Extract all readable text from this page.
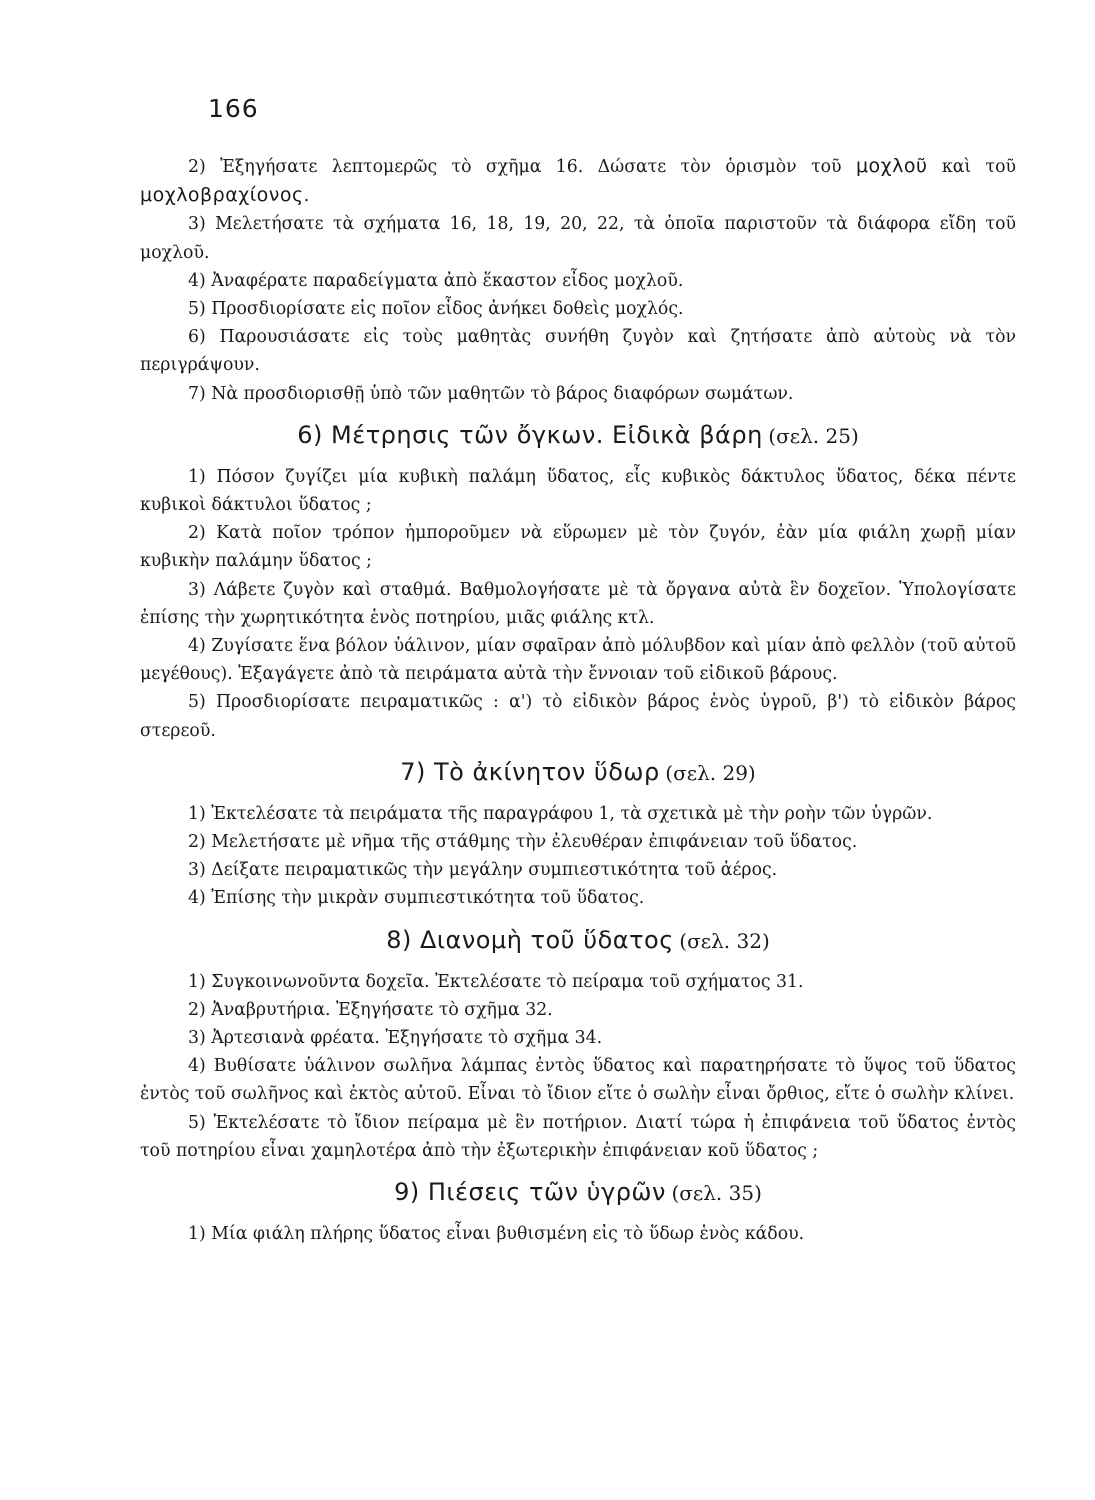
166

2) Ἐξηγήσατε λεπτομερῶς τὸ σχῆμα 16. Δώσατε τὸν ὁρισμὸν τοῦ μοχλοῦ καὶ τοῦ μοχλοβραχίονος.

3) Μελετήσατε τὰ σχήματα 16, 18, 19, 20, 22, τὰ ὁποῖα παριστοῦν τὰ διάφορα εἴδη τοῦ μοχλοῦ.

4) Ἀναφέρατε παραδείγματα ἀπὸ ἕκαστον εἶδος μοχλοῦ.

5) Προσδιορίσατε εἰς ποῖον εἶδος ἀνήκει δοθεὶς μοχλός.

6) Παρουσιάσατε εἰς τοὺς μαθητὰς συνήθη ζυγὸν καὶ ζητήσατε ἀπὸ αὐτοὺς νὰ τὸν περιγράψουν.

7) Νὰ προσδιορισθῇ ὑπὸ τῶν μαθητῶν τὸ βάρος διαφόρων σωμάτων.

6) Μέτρησις τῶν ὄγκων. Εἰδικὰ βάρη (σελ. 25)

1) Πόσον ζυγίζει μία κυβικὴ παλάμη ὕδατος, εἷς κυβικὸς δάκτυλος ὕδατος, δέκα πέντε κυβικοὶ δάκτυλοι ὕδατος ;

2) Κατὰ ποῖον τρόπον ἠμποροῦμεν νὰ εὕρωμεν μὲ τὸν ζυγόν, ἐὰν μία φιάλη χωρῇ μίαν κυβικὴν παλάμην ὕδατος ;

3) Λάβετε ζυγὸν καὶ σταθμά. Βαθμολογήσατε μὲ τὰ ὄργανα αὐτὰ ἓν δοχεῖον. Ὑπολογίσατε ἐπίσης τὴν χωρητικότητα ἑνὸς ποτηρίου, μιᾶς φιάλης κτλ.

4) Ζυγίσατε ἕνα βόλον ὑάλινον, μίαν σφαῖραν ἀπὸ μόλυβδον καὶ μίαν ἀπὸ φελλὸν (τοῦ αὐτοῦ μεγέθους). Ἐξαγάγετε ἀπὸ τὰ πειράματα αὐτὰ τὴν ἔννοιαν τοῦ εἰδικοῦ βάρους.

5) Προσδιορίσατε πειραματικῶς : α') τὸ εἰδικὸν βάρος ἑνὸς ὑγροῦ, β') τὸ εἰδικὸν βάρος στερεοῦ.

7) Τὸ ἀκίνητον ὕδωρ (σελ. 29)

1) Ἐκτελέσατε τὰ πειράματα τῆς παραγράφου 1, τὰ σχετικὰ μὲ τὴν ροὴν τῶν ὑγρῶν.

2) Μελετήσατε μὲ νῆμα τῆς στάθμης τὴν ἐλευθέραν ἐπιφάνειαν τοῦ ὕδατος.

3) Δείξατε πειραματικῶς τὴν μεγάλην συμπιεστικότητα τοῦ ἀέρος.

4) Ἐπίσης τὴν μικρὰν συμπιεστικότητα τοῦ ὕδατος.

8) Διανομὴ τοῦ ὕδατος (σελ. 32)

1) Συγκοινωνοῦντα δοχεῖα. Ἐκτελέσατε τὸ πείραμα τοῦ σχήματος 31.

2) Ἀναβρυτήρια. Ἐξηγήσατε τὸ σχῆμα 32.

3) Ἀρτεσιανὰ φρέατα. Ἐξηγήσατε τὸ σχῆμα 34.

4) Βυθίσατε ὑάλινον σωλῆνα λάμπας ἐντὸς ὕδατος καὶ παρατηρήσατε τὸ ὕψος τοῦ ὕδατος ἐντὸς τοῦ σωλῆνος καὶ ἐκτὸς αὐτοῦ. Εἶναι τὸ ἴδιον εἴτε ὁ σωλὴν εἶναι ὄρθιος, εἴτε ὁ σωλὴν κλίνει.

5) Ἐκτελέσατε τὸ ἴδιον πείραμα μὲ ἓν ποτήριον. Διατί τώρα ἡ ἐπιφάνεια τοῦ ὕδατος ἐντὸς τοῦ ποτηρίου εἶναι χαμηλοτέρα ἀπὸ τὴν ἐξωτερικὴν ἐπιφάνειαν κοῦ ὕδατος ;

9) Πιέσεις τῶν ὑγρῶν (σελ. 35)

1) Μία φιάλη πλήρης ὕδατος εἶναι βυθισμένη εἰς τὸ ὕδωρ ἑνὸς κάδου.
